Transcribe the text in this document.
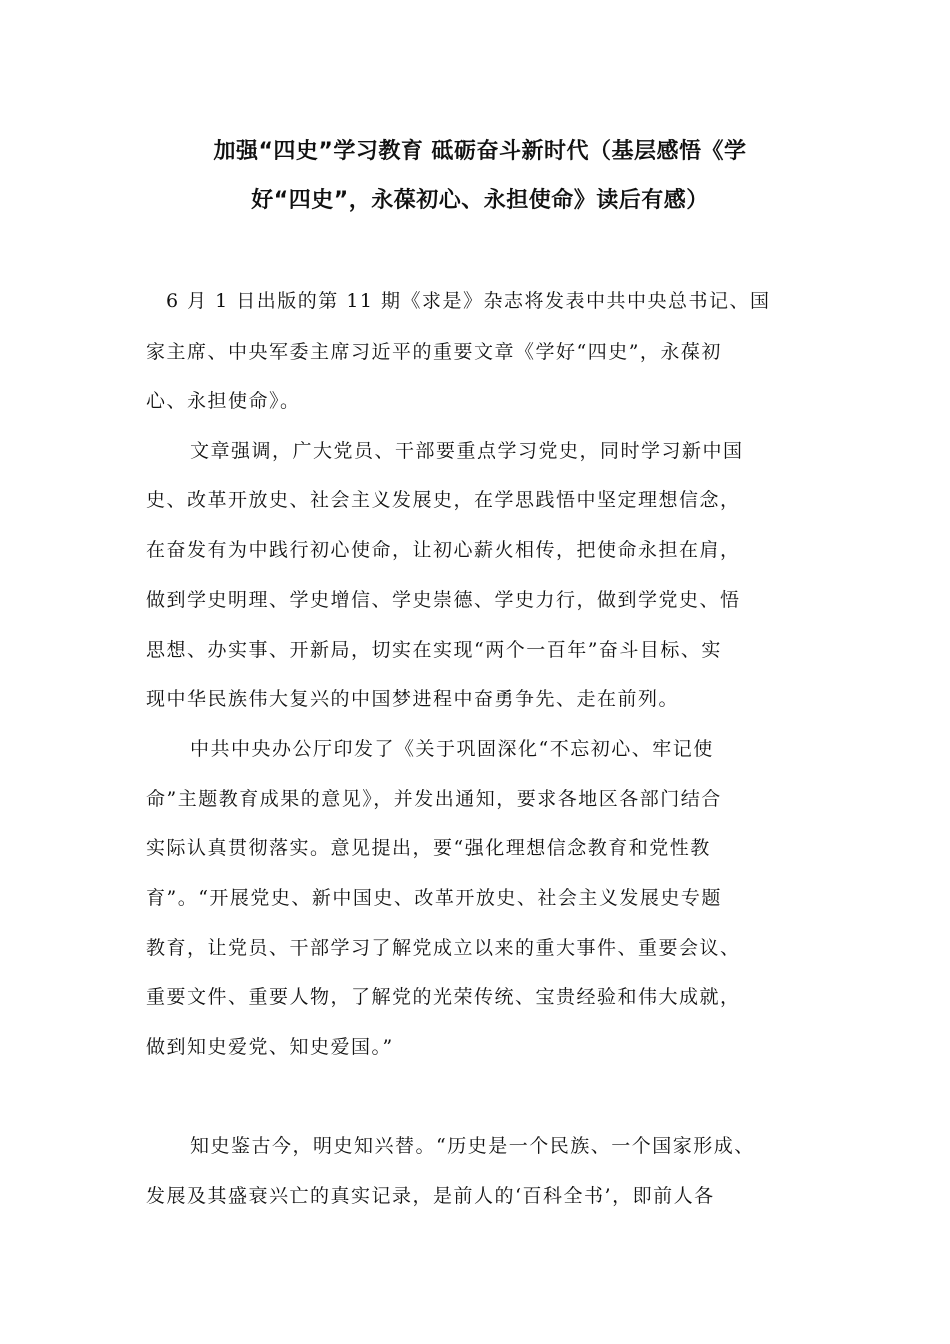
加强“四史”学习教育 砥砺奋斗新时代（基层感悟《学
好“四史”，永葆初心、永担使命》读后有感）
6 月 1 日出版的第 11 期《求是》杂志将发表中共中央总书记、国
家主席、中央军委主席习近平的重要文章《学好“四史”，永葆初
心、永担使命》。
文章强调，广大党员、干部要重点学习党史，同时学习新中国
史、改革开放史、社会主义发展史，在学思践悟中坚定理想信念，
在奋发有为中践行初心使命，让初心薪火相传，把使命永担在肩，
做到学史明理、学史增信、学史崇德、学史力行，做到学党史、悟
思想、办实事、开新局，切实在实现“两个一百年”奋斗目标、实
现中华民族伟大复兴的中国梦进程中奋勇争先、走在前列。
中共中央办公厅印发了《关于巩固深化“不忘初心、牢记使
命”主题教育成果的意见》，并发出通知，要求各地区各部门结合
实际认真贯彻落实。意见提出，要“强化理想信念教育和党性教
育”。“开展党史、新中国史、改革开放史、社会主义发展史专题
教育，让党员、干部学习了解党成立以来的重大事件、重要会议、
重要文件、重要人物，了解党的光荣传统、宝贵经验和伟大成就，
做到知史爱党、知史爱国。”
知史鉴古今，明史知兴替。“历史是一个民族、一个国家形成、
发展及其盛衰兴亡的真实记录，是前人的‘百科全书’，即前人各
